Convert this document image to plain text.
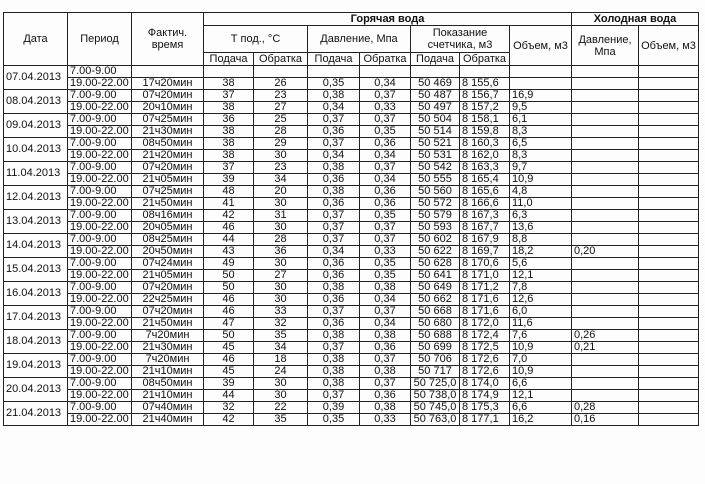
Дата	Период	Фактич. время	Горячая вода							Холодная вода	
			Т под., °С		Давление, Мпа		Показание счетчика, м3		Объем, м3	Давление, Мпа	Объем, м3
			Подача	Обратка	Подача	Обратка	Подача	Обратка			
07.04.2013	7.00-9.00										
	19.00-22.00	17ч20мин	38	26	0,35	0,34	50 469	8 155,6			
08.04.2013	7.00-9.00	07ч20мин	37	23	0,38	0,37	50 487	8 156,7	16,9		
	19.00-22.00	20ч10мин	38	27	0,34	0,33	50 497	8 157,2	9,5		
09.04.2013	7.00-9.00	07ч25мин	36	25	0,37	0,37	50 504	8 158,1	6,1		
	19.00-22.00	21ч30мин	38	28	0,36	0,35	50 514	8 159,8	8,3		
10.04.2013	7.00-9.00	08ч50мин	38	29	0,37	0,36	50 521	8 160,3	6,5		
	19.00-22.00	21ч20мин	38	30	0,34	0,34	50 531	8 162,0	8,3		
11.04.2013	7.00-9.00	07ч20мин	37	23	0,38	0,37	50 542	8 163,3	9,7		
	19.00-22.00	21ч05мин	39	34	0,36	0,34	50 555	8 165,4	10,9		
12.04.2013	7.00-9.00	07ч25мин	48	20	0,38	0,36	50 560	8 165,6	4,8		
	19.00-22.00	21ч50мин	41	30	0,36	0,36	50 572	8 166,6	11,0		
13.04.2013	7.00-9.00	08ч16мин	42	31	0,37	0,35	50 579	8 167,3	6,3		
	19.00-22.00	20ч05мин	46	30	0,37	0,37	50 593	8 167,7	13,6		
14.04.2013	7.00-9.00	08ч25мин	44	28	0,37	0,37	50 602	8 167,9	8,8		
	19.00-22.00	20ч50мин	43	36	0,34	0,33	50 622	8 169,7	18,2	0,20	
15.04.2013	7.00-9.00	07ч24мин	49	30	0,36	0,35	50 628	8 170,6	5,6		
	19.00-22.00	21ч05мин	50	27	0,36	0,35	50 641	8 171,0	12,1		
16.04.2013	7.00-9.00	07ч20мин	50	30	0,38	0,38	50 649	8 171,2	7,8		
	19.00-22.00	22ч25мин	46	30	0,36	0,34	50 662	8 171,6	12,6		
17.04.2013	7.00-9.00	07ч20мин	46	33	0,37	0,37	50 668	8 171,6	6,0		
	19.00-22.00	21ч50мин	47	32	0,36	0,34	50 680	8 172,0	11,6		
18.04.2013	7.00-9.00	7ч20мин	50	35	0,38	0,38	50 688	8 172,4	7,6	0,26	
	19.00-22.00	21ч30мин	45	34	0,37	0,36	50 699	8 172,5	10,9	0,21	
19.04.2013	7.00-9.00	7ч20мин	46	18	0,38	0,37	50 706	8 172,6	7,0		
	19.00-22.00	21ч10мин	45	24	0,38	0,38	50 717	8 172,6	10,9		
20.04.2013	7.00-9.00	08ч50мин	39	30	0,38	0,37	50 725,0	8 174,0	6,6		
	19.00-22.00	21ч10мин	44	30	0,37	0,36	50 738,0	8 174,9	12,1		
21.04.2013	7.00-9.00	07ч40мин	32	22	0,39	0,38	50 745,0	8 175,3	6,6	0,28	
	19.00-22.00	21ч40мин	42	35	0,35	0,33	50 763,0	8 177,1	16,2	0,16	
